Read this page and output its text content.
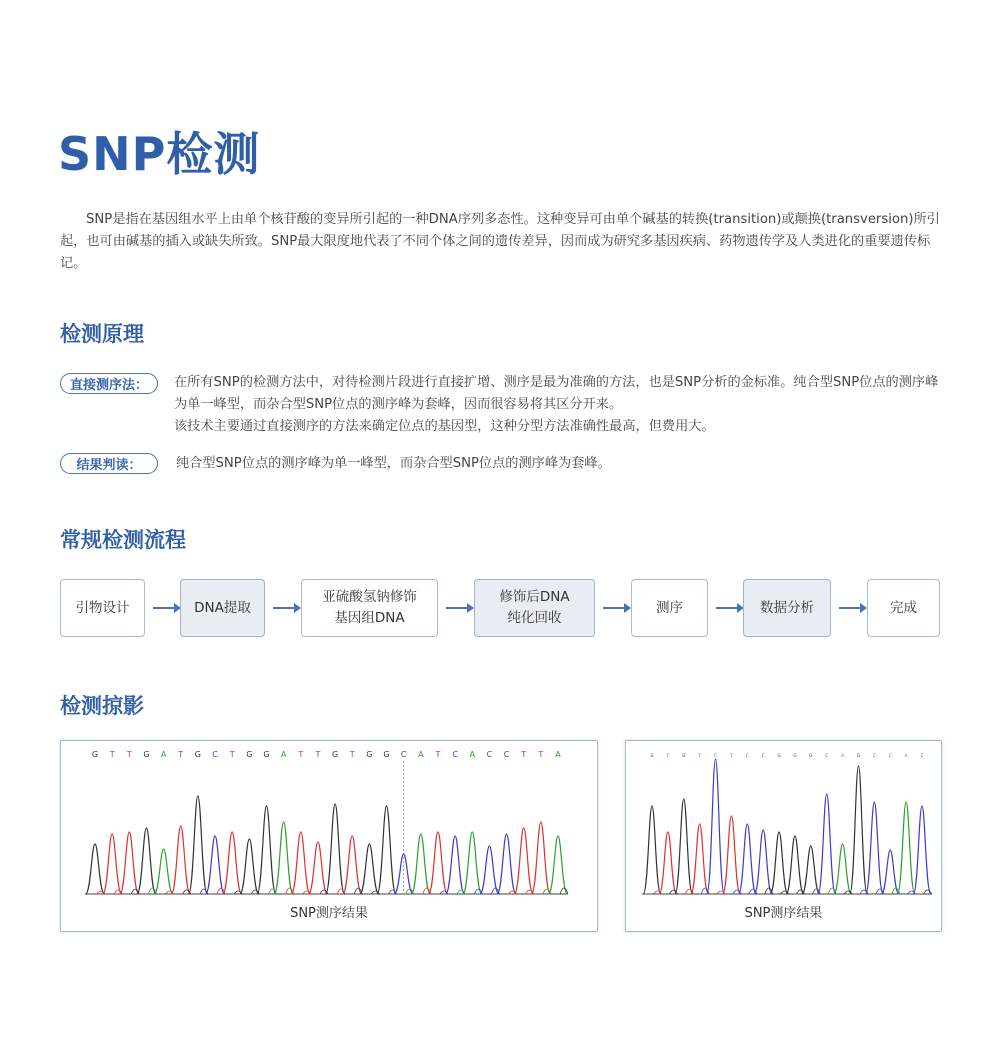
SNP检测

SNP是指在基因组水平上由单个核苷酸的变异所引起的一种DNA序列多态性。这种变异可由单个碱基的转换(transition)或颠换(transversion)所引起，也可由碱基的插入或缺失所致。SNP最大限度地代表了不同个体之间的遗传差异，因而成为研究多基因疾病、药物遗传学及人类进化的重要遗传标记。

检测原理
直接测序法：	在所有SNP的检测方法中，对待检测片段进行直接扩增、测序是最为准确的方法，也是SNP分析的金标准。纯合型SNP位点的测序峰为单一峰型，而杂合型SNP位点的测序峰为套峰，因而很容易将其区分开来。

该技术主要通过直接测序的方法来确定位点的基因型，这种分型方法准确性最高，但费用大。

结果判读：	纯合型SNP位点的测序峰为单一峰型，而杂合型SNP位点的测序峰为套峰。
常规检测流程
引物设计	DNA提取
亚硫酸氢钠修饰
基因组DNA
修饰后DNA
纯化回收
测序	数据分析	完成
检测掠影
G T T G A T G C T G G A T T G T G G C A T C A C C T T A
SNP测序结果
G	T	G	T	C	T	C	C	G	G	G	C	A	G	C	C	A	C
SNP测序结果
